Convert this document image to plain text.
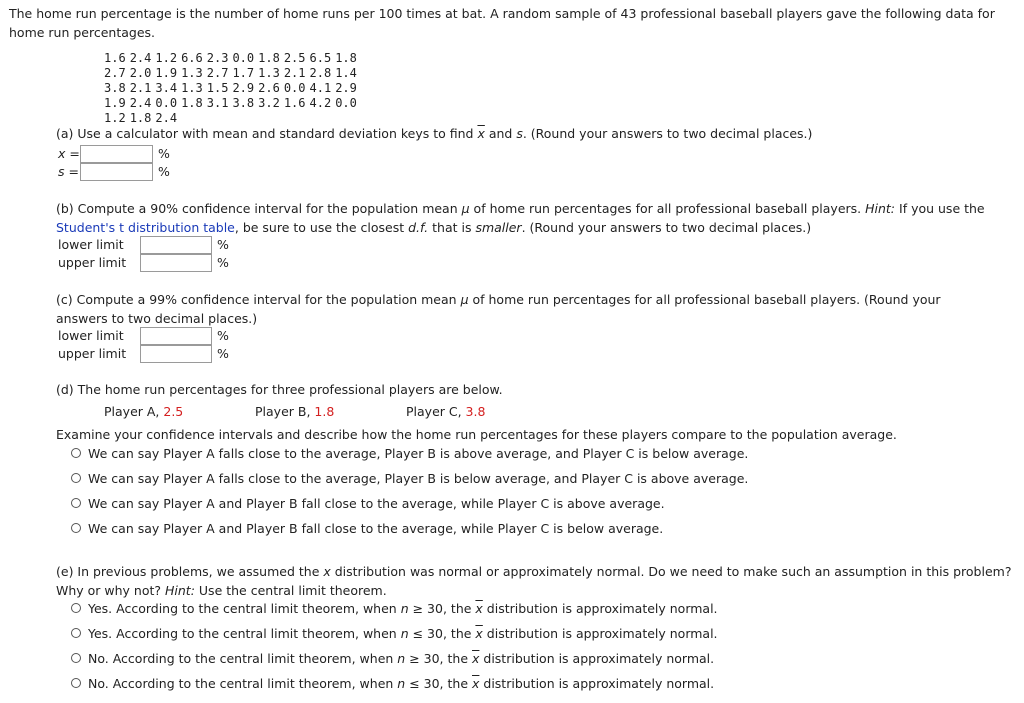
The home run percentage is the number of home runs per 100 times at bat. A random sample of 43 professional baseball players gave the following data for home run percentages.
1.6	2.4	1.2	6.6	2.3	0.0	1.8	2.5	6.5	1.8
2.7	2.0	1.9	1.3	2.7	1.7	1.3	2.1	2.8	1.4
3.8	2.1	3.4	1.3	1.5	2.9	2.6	0.0	4.1	2.9
1.9	2.4	0.0	1.8	3.1	3.8	3.2	1.6	4.2	0.0
1.2	1.8	2.4							
(a) Use a calculator with mean and standard deviation keys to find $\overline{x}$ and s. (Round your answers to two decimal places.)
x =	%
s =	%
(b) Compute a 90% confidence interval for the population mean μ of home run percentages for all professional baseball players. Hint: If you use the Student's t distribution table, be sure to use the closest d.f. that is smaller. (Round your answers to two decimal places.)
lower limit	%
upper limit	%
(c) Compute a 99% confidence interval for the population mean μ of home run percentages for all professional baseball players. (Round your answers to two decimal places.)
lower limit	%
upper limit	%
(d) The home run percentages for three professional players are below.
Player A, 2.5	Player B, 1.8	Player C, 3.8
Examine your confidence intervals and describe how the home run percentages for these players compare to the population average.
We can say Player A falls close to the average, Player B is above average, and Player C is below average.
We can say Player A falls close to the average, Player B is below average, and Player C is above average.
We can say Player A and Player B fall close to the average, while Player C is above average.
We can say Player A and Player B fall close to the average, while Player C is below average.
(e) In previous problems, we assumed the x distribution was normal or approximately normal. Do we need to make such an assumption in this problem? Why or why not? Hint: Use the central limit theorem.
Yes. According to the central limit theorem, when n ≥ 30, the $\overline{x}$ distribution is approximately normal.
Yes. According to the central limit theorem, when n ≤ 30, the $\overline{x}$ distribution is approximately normal.
No. According to the central limit theorem, when n ≥ 30, the $\overline{x}$ distribution is approximately normal.
No. According to the central limit theorem, when n ≤ 30, the $\overline{x}$ distribution is approximately normal.
